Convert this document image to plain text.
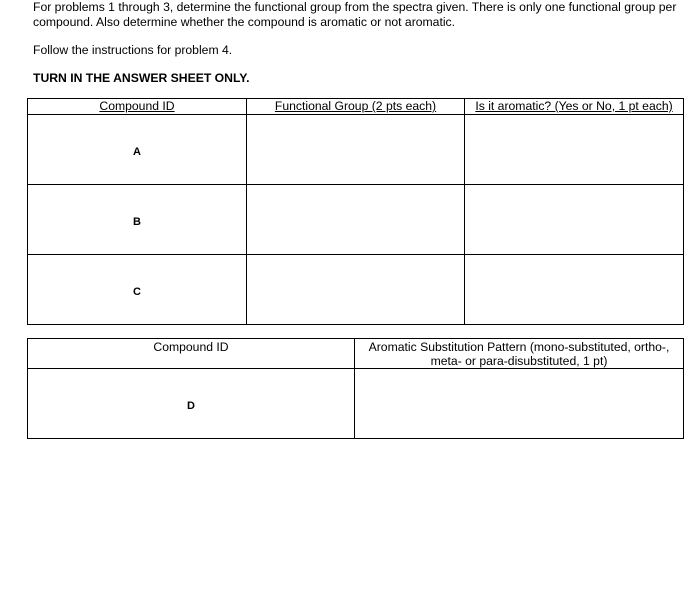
For problems 1 through 3, determine the functional group from the spectra given. There is only one functional group per compound. Also determine whether the compound is aromatic or not aromatic.

Follow the instructions for problem 4.

TURN IN THE ANSWER SHEET ONLY.

Compound ID	Functional Group (2 pts each)	Is it aromatic? (Yes or No, 1 pt each)
A		
B		
C		
Compound ID	Aromatic Substitution Pattern (mono-substituted, ortho-, meta- or para-disubstituted, 1 pt)
D	
